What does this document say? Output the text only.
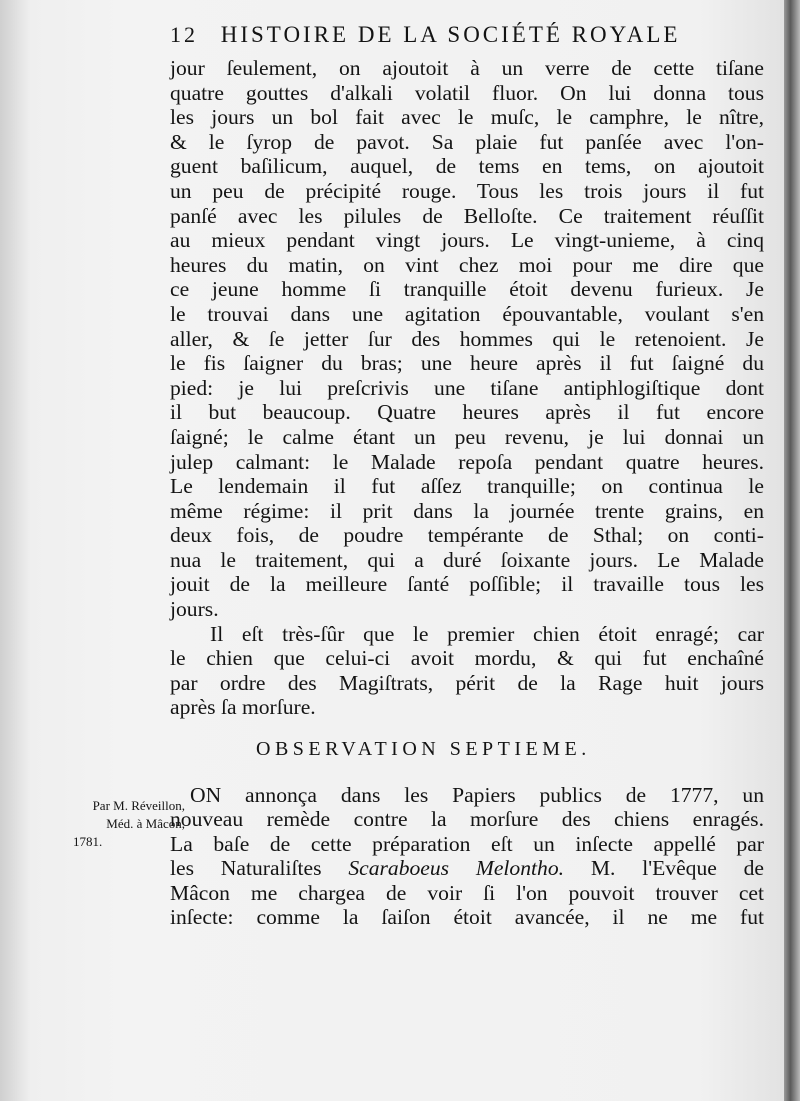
12 HISTOIRE DE LA SOCIÉTÉ ROYALE

jour ſeulement, on ajoutoit à un verre de cette tiſane
quatre gouttes d'alkali volatil fluor. On lui donna tous
les jours un bol fait avec le muſc, le camphre, le nître,
& le ſyrop de pavot. Sa plaie fut panſée avec l'on-
guent baſilicum, auquel, de tems en tems, on ajoutoit
un peu de précipité rouge. Tous les trois jours il fut
panſé avec les pilules de Belloſte. Ce traitement réuſſit
au mieux pendant vingt jours. Le vingt-unieme, à cinq
heures du matin, on vint chez moi pour me dire que
ce jeune homme ſi tranquille étoit devenu furieux. Je
le trouvai dans une agitation épouvantable, voulant s'en
aller, & ſe jetter ſur des hommes qui le retenoient. Je
le fis ſaigner du bras; une heure après il fut ſaigné du
pied: je lui preſcrivis une tiſane antiphlogiſtique dont
il but beaucoup. Quatre heures après il fut encore
ſaigné; le calme étant un peu revenu, je lui donnai un
julep calmant: le Malade repoſa pendant quatre heures.
Le lendemain il fut aſſez tranquille; on continua le
même régime: il prit dans la journée trente grains, en
deux fois, de poudre tempérante de Sthal; on conti-
nua le traitement, qui a duré ſoixante jours. Le Malade
jouit de la meilleure ſanté poſſible; il travaille tous les
jours.

Il eſt très-ſûr que le premier chien étoit enragé; car
le chien que celui-ci avoit mordu, & qui fut enchaîné
par ordre des Magiſtrats, périt de la Rage huit jours
après ſa morſure.

OBSERVATION SEPTIEME.
Par M. Réveillon,
Méd. à Mâcon,
1781.
ON annonça dans les Papiers publics de 1777, un
nouveau remède contre la morſure des chiens enragés.
La baſe de cette préparation eſt un inſecte appellé par
les Naturaliſtes Scaraboeus Melontho. M. l'Evêque de
Mâcon me chargea de voir ſi l'on pouvoit trouver cet
inſecte: comme la ſaiſon étoit avancée, il ne me fut
